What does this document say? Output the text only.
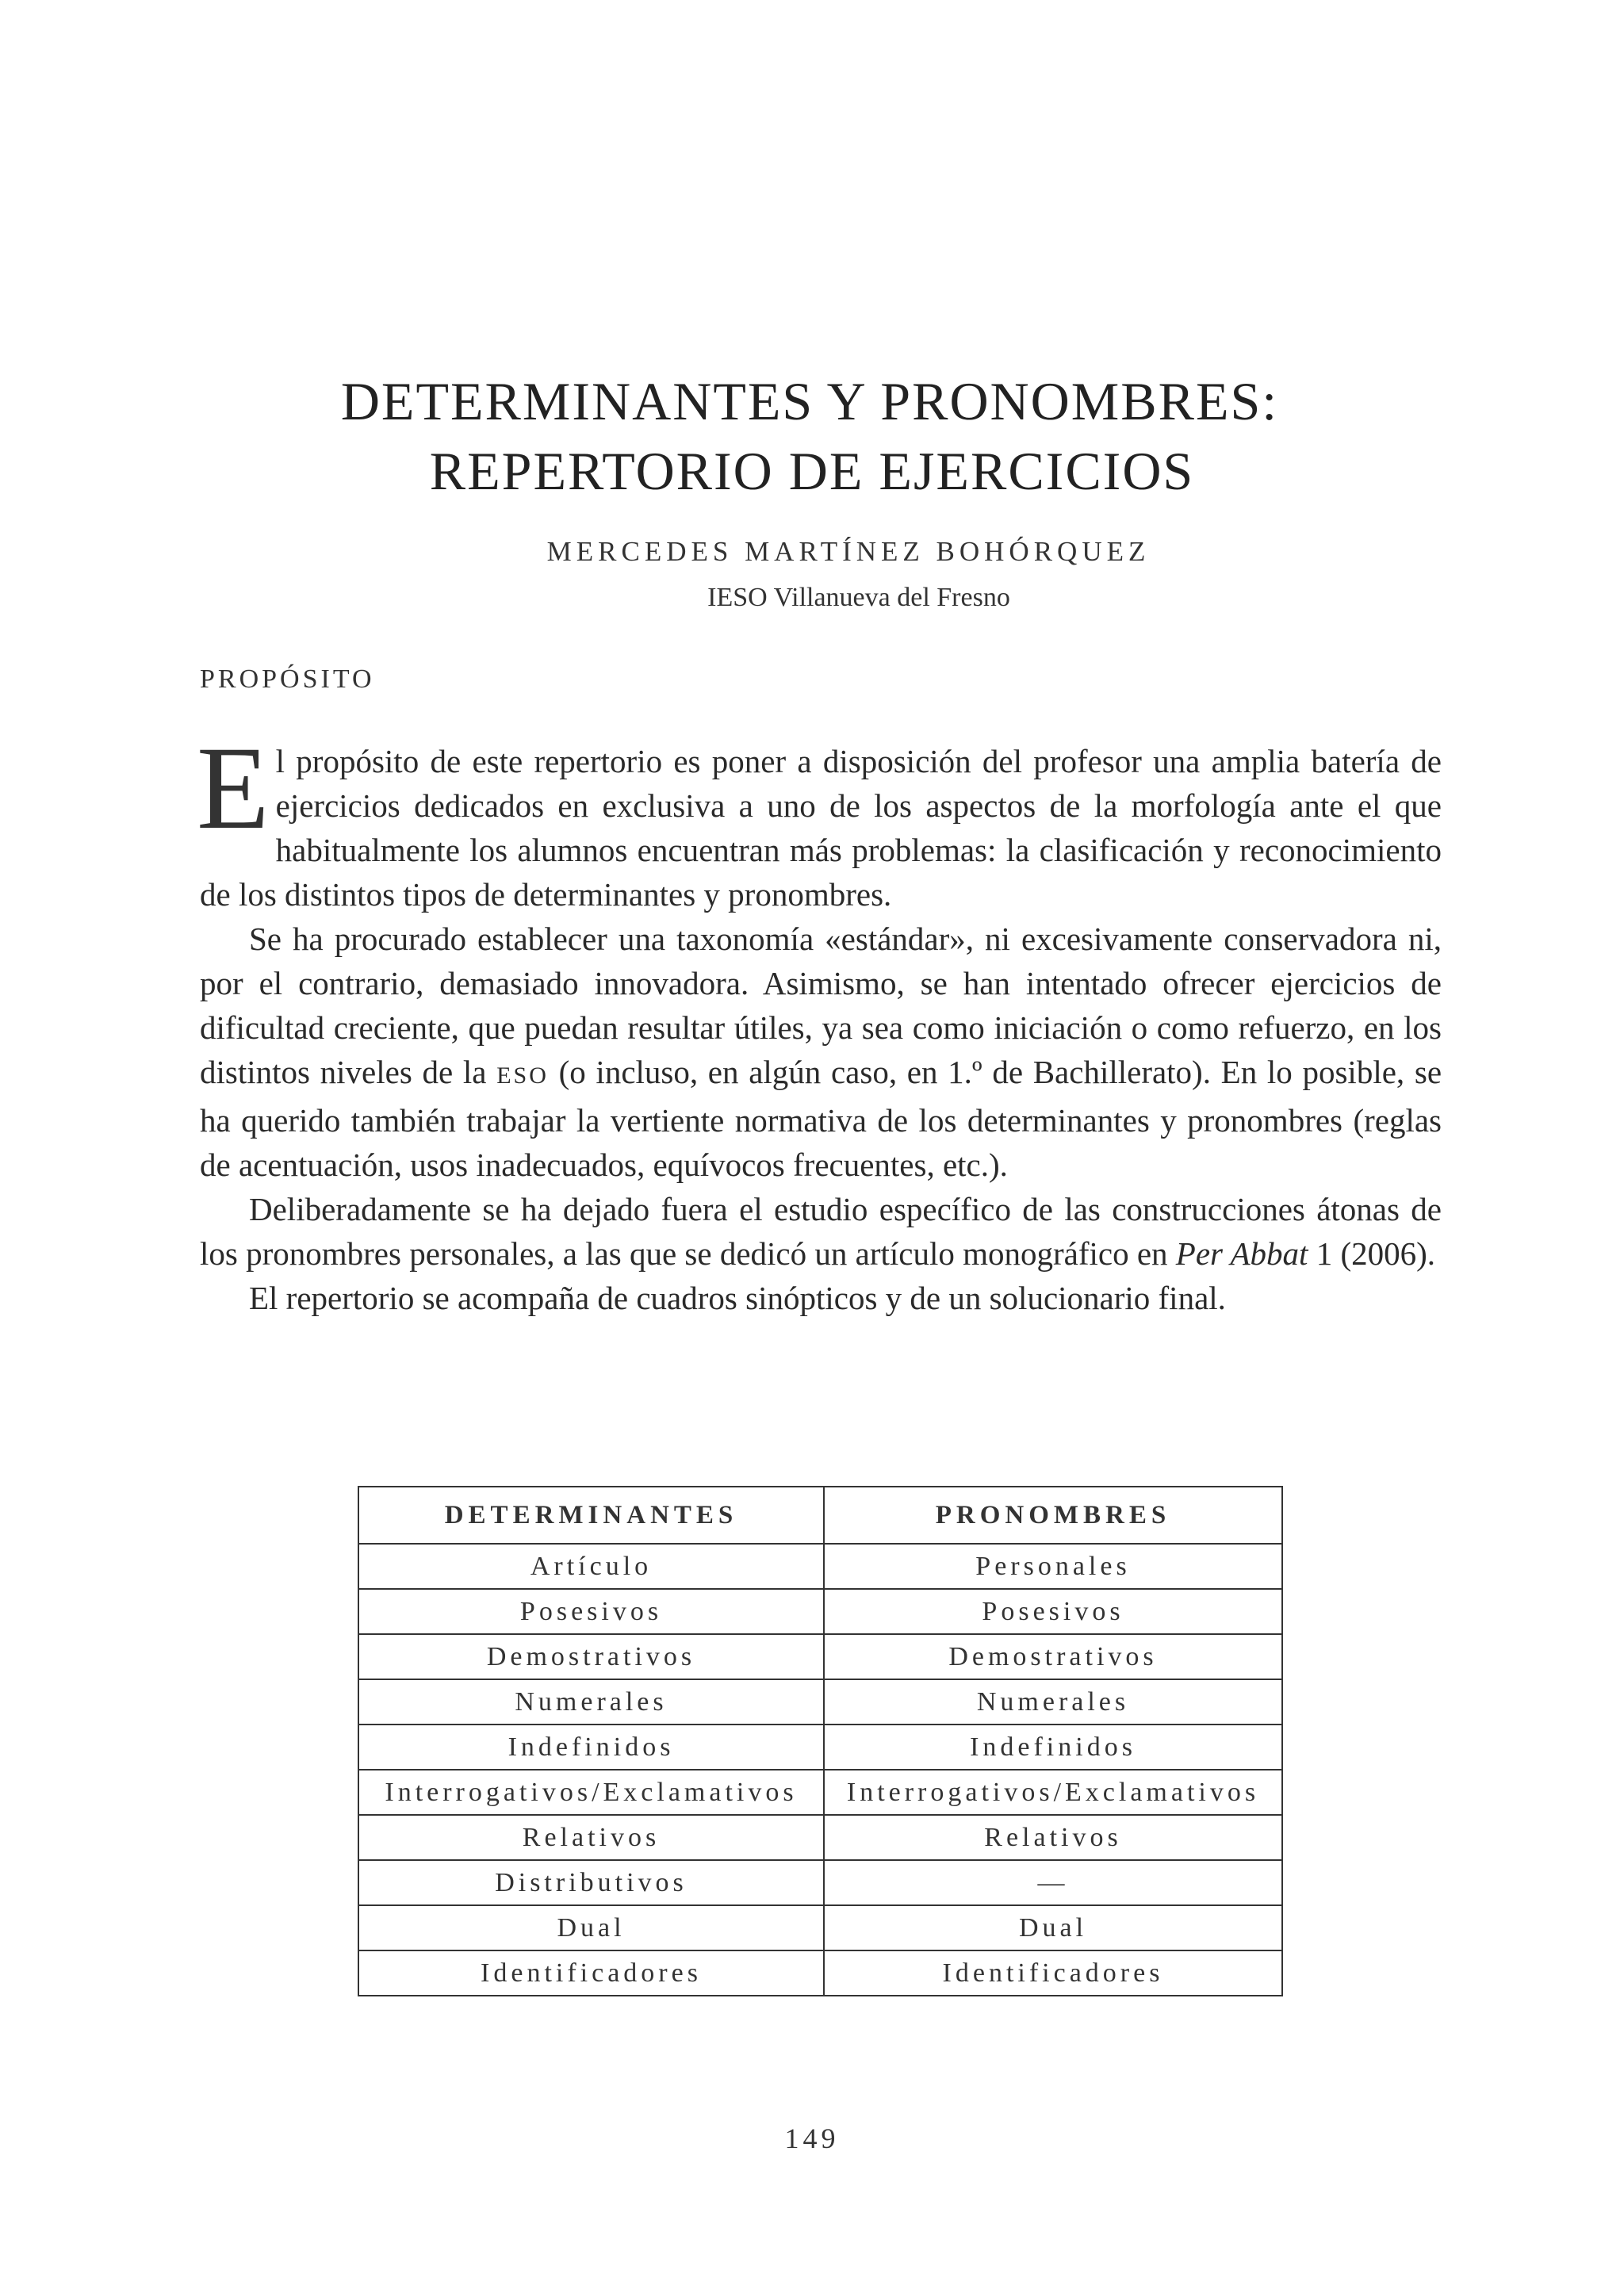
DETERMINANTES Y PRONOMBRES:
REPERTORIO DE EJERCICIOS
MERCEDES MARTÍNEZ BOHÓRQUEZ
IESO Villanueva del Fresno
PROPÓSITO

El propósito de este repertorio es poner a disposición del profesor una amplia batería de ejercicios dedicados en exclusiva a uno de los aspectos de la morfología ante el que habitualmente los alumnos encuentran más problemas: la clasificación y reconocimiento de los distintos tipos de determinantes y pronombres.

Se ha procurado establecer una taxonomía «estándar», ni excesivamente conservadora ni, por el contrario, demasiado innovadora. Asimismo, se han intentado ofrecer ejercicios de dificultad creciente, que puedan resultar útiles, ya sea como iniciación o como refuerzo, en los distintos niveles de la ESO (o incluso, en algún caso, en 1.º de Bachillerato). En lo posible, se ha querido también trabajar la vertiente normativa de los determinantes y pronombres (reglas de acentuación, usos inadecuados, equívocos frecuentes, etc.).

Deliberadamente se ha dejado fuera el estudio específico de las construcciones átonas de los pronombres personales, a las que se dedicó un artículo monográfico en Per Abbat 1 (2006).

El repertorio se acompaña de cuadros sinópticos y de un solucionario final.

DETERMINANTES	PRONOMBRES
Artículo	Personales
Posesivos	Posesivos
Demostrativos	Demostrativos
Numerales	Numerales
Indefinidos	Indefinidos
Interrogativos/Exclamativos	Interrogativos/Exclamativos
Relativos	Relativos
Distributivos	—
Dual	Dual
Identificadores	Identificadores
149
